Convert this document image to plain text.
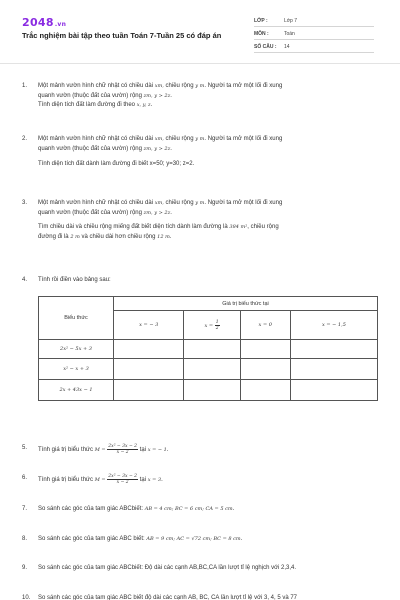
2048.vn
Trắc nghiệm bài tập theo tuần Toán 7-Tuần 25 có đáp án
LỚP :	Lớp 7
MÔN :	Toán
SỐ CÂU : 14
1. Một mảnh vườn hình chữ nhật có chiều dài xm, chiều rộng y m. Người ta mở một lối đi xung
quanh vườn (thuộc đất của vườn) rộng zm, y > 2z.
Tính diện tích đất làm đường đi theo x, y, z.
2. Một mảnh vườn hình chữ nhật có chiều dài xm, chiều rộng y m. Người ta mở một lối đi xung
quanh vườn (thuộc đất của vườn) rộng zm, y > 2z.
Tính diện tích đất dành làm đường đi biết x=50; y=30; z=2.
3. Một mảnh vườn hình chữ nhật có chiều dài xm, chiều rộng y m. Người ta mở một lối đi xung
quanh vườn (thuộc đất của vườn) rộng zm, y > 2z.
Tìm chiều dài và chiều rộng miếng đất biết diện tích dành làm đường là 384 m², chiều rộng
đường đi là 2 m và chiều dài hơn chiều rộng 12 m.
4. Tính rồi điền vào bảng sau:
Biểu thức	Giá trị biểu thức tại			
	x = − 3	$x = \frac{1}{2}$	x = 0	x = − 1,5
2x² − 5x + 3				
x² − x + 3				
2x + 43x − 1				
5. Tính giá trị biểu thức $M = \frac{\text{2x² − 3x − 2}}{x - 2}$ tại x = − 1.
6. Tính giá trị biểu thức $M = \frac{\text{2x² − 3x − 2}}{x - 2}$ tại x = 3.
7. So sánh các góc của tam giác ABCbiết: AB = 4 cm; BC = 6 cm; CA = 5 cm.
8. So sánh các góc của tam giác ABC biết: AB = 9 cm; AC = √72 cm; BC = 8 cm.
9. So sánh các góc của tam giác ABCbiết: Độ dài các cạnh AB,BC,CA lần lượt tỉ lệ nghịch với 2,3,4.
10. So sánh các góc của tam giác ABC biết độ dài các cạnh AB, BC, CA lần lượt tỉ lệ với 3, 4, 5 và 77
